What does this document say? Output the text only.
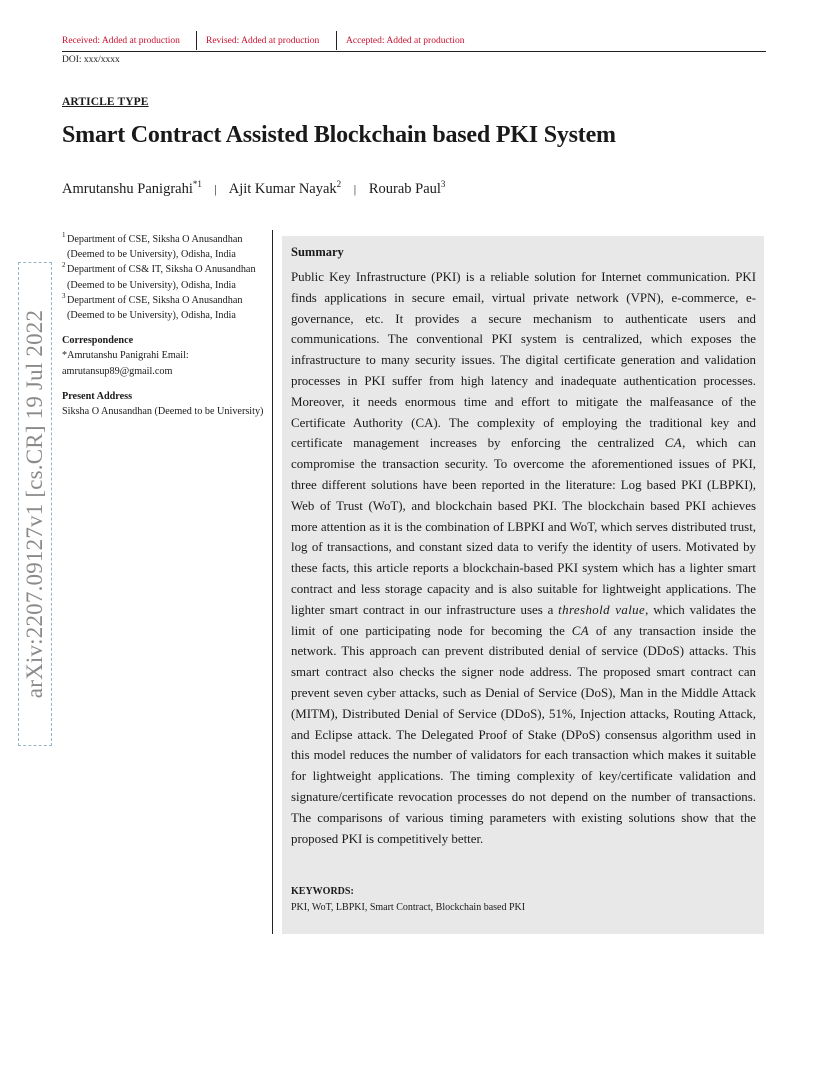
Received: Added at production	Revised: Added at production	Accepted: Added at production
DOI: xxx/xxxx
ARTICLE TYPE
Smart Contract Assisted Blockchain based PKI System
Amrutanshu Panigrahi$^{*1}$ | Ajit Kumar Nayak$^2$ | Rourab Paul$^3$
arXiv:2207.09127v1 [cs.CR] 19 Jul 2022

1 Department of CSE, Siksha O Anusandhan (Deemed to be University), Odisha, India

2 Department of CS& IT, Siksha O Anusandhan (Deemed to be University), Odisha, India

3 Department of CSE, Siksha O Anusandhan (Deemed to be University), Odisha, India

Correspondence

*Amrutanshu Panigrahi Email: amrutansup89@gmail.com

Present Address

Siksha O Anusandhan (Deemed to be University)

Summary

Public Key Infrastructure (PKI) is a reliable solution for Internet communication. PKI finds applications in secure email, virtual private network (VPN), e-commerce, e-governance, etc. It provides a secure mechanism to authenticate users and communications. The conventional PKI system is centralized, which exposes the infrastructure to many security issues. The digital certificate generation and validation processes in PKI suffer from high latency and inadequate authentication processes. Moreover, it needs enormous time and effort to mitigate the malfeasance of the Certificate Authority (CA). The complexity of employing the traditional key and certificate management increases by enforcing the centralized CA, which can compromise the transaction security. To overcome the aforementioned issues of PKI, three different solutions have been reported in the literature: Log based PKI (LBPKI), Web of Trust (WoT), and blockchain based PKI. The blockchain based PKI achieves more attention as it is the combination of LBPKI and WoT, which serves distributed trust, log of transactions, and constant sized data to verify the identity of users. Motivated by these facts, this article reports a blockchain-based PKI system which has a lighter smart contract and less storage capacity and is also suitable for lightweight applications. The lighter smart contract in our infrastructure uses a threshold value, which validates the limit of one participating node for becoming the CA of any transaction inside the network. This approach can prevent distributed denial of service (DDoS) attacks. This smart contract also checks the signer node address. The proposed smart contract can prevent seven cyber attacks, such as Denial of Service (DoS), Man in the Middle Attack (MITM), Distributed Denial of Service (DDoS), 51%, Injection attacks, Routing Attack, and Eclipse attack. The Delegated Proof of Stake (DPoS) consensus algorithm used in this model reduces the number of validators for each transaction which makes it suitable for lightweight applications. The timing complexity of key/certificate validation and signature/certificate revocation processes do not depend on the number of transactions. The comparisons of various timing parameters with existing solutions show that the proposed PKI is competitively better.

KEYWORDS:
PKI, WoT, LBPKI, Smart Contract, Blockchain based PKI
